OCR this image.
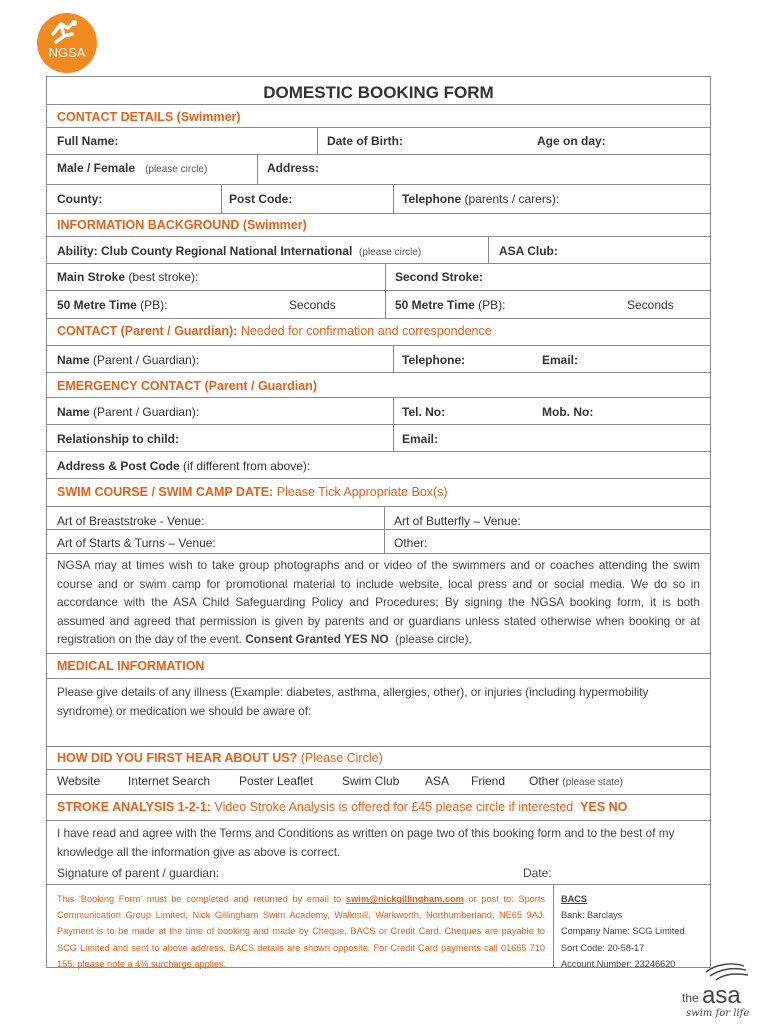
NGSA
DOMESTIC BOOKING FORM
CONTACT DETAILS (Swimmer)
Full Name:	Date of Birth:	Age on day:
Male / Female (please circle)	Address:
County:	Post Code:	Telephone (parents / carers):
INFORMATION BACKGROUND (Swimmer)
Ability: Club County Regional National International (please circle)	ASA Club:
Main Stroke (best stroke):	Second Stroke:
50 Metre Time (PB):	Seconds	50 Metre Time (PB):	Seconds
CONTACT (Parent / Guardian): Needed for confirmation and correspondence
Name (Parent / Guardian):	Telephone:	Email:
EMERGENCY CONTACT (Parent / Guardian)
Name (Parent / Guardian):	Tel. No:	Mob. No:
Relationship to child:	Email:
Address & Post Code (if different from above):
SWIM COURSE / SWIM CAMP DATE: Please Tick Appropriate Box(s)
Art of Breaststroke - Venue:	Art of Butterfly – Venue:
Art of Starts & Turns – Venue:	Other:
NGSA may at times wish to take group photographs and or video of the swimmers and or coaches attending the swim course and or swim camp for promotional material to include website, local press and or social media. We do so in accordance with the ASA Child Safeguarding Policy and Procedures; By signing the NGSA booking form, it is both assumed and agreed that permission is given by parents and or guardians unless stated otherwise when booking or at registration on the day of the event. Consent Granted YES NO (please circle).
MEDICAL INFORMATION
Please give details of any illness (Example: diabetes, asthma, allergies, other), or injuries (including hypermobility syndrome) or medication we should be aware of:
HOW DID YOU FIRST HEAR ABOUT US? (Please Circle)
Website Internet Search Poster Leaflet Swim Club ASA Friend Other (please state)
STROKE ANALYSIS 1-2-1: Video Stroke Analysis is offered for £45 please circle if interested YES NO
I have read and agree with the Terms and Conditions as written on page two of this booking form and to the best of my knowledge all the information give as above is correct.
Signature of parent / guardian:	Date:
This 'Booking Form' must be completed and returned by email to swim@nickgillingham.com or post to: Sports Communication Group Limited, Nick Gillingham Swim Academy, Walkmill, Warkworth, Northumberland, NE65 9AJ. Payment is to be made at the time of booking and made by Cheque, BACS or Credit Card. Cheques are payable to SCG Limited and sent to above address. BACS details are shown opposite. For Credit Card payments call 01665 710 155, please note a 4% surcharge applies.
BACS
Bank: Barclays
Company Name: SCG Limited
Sort Code: 20-58-17
Account Number: 23246620
the asa
swim for life
